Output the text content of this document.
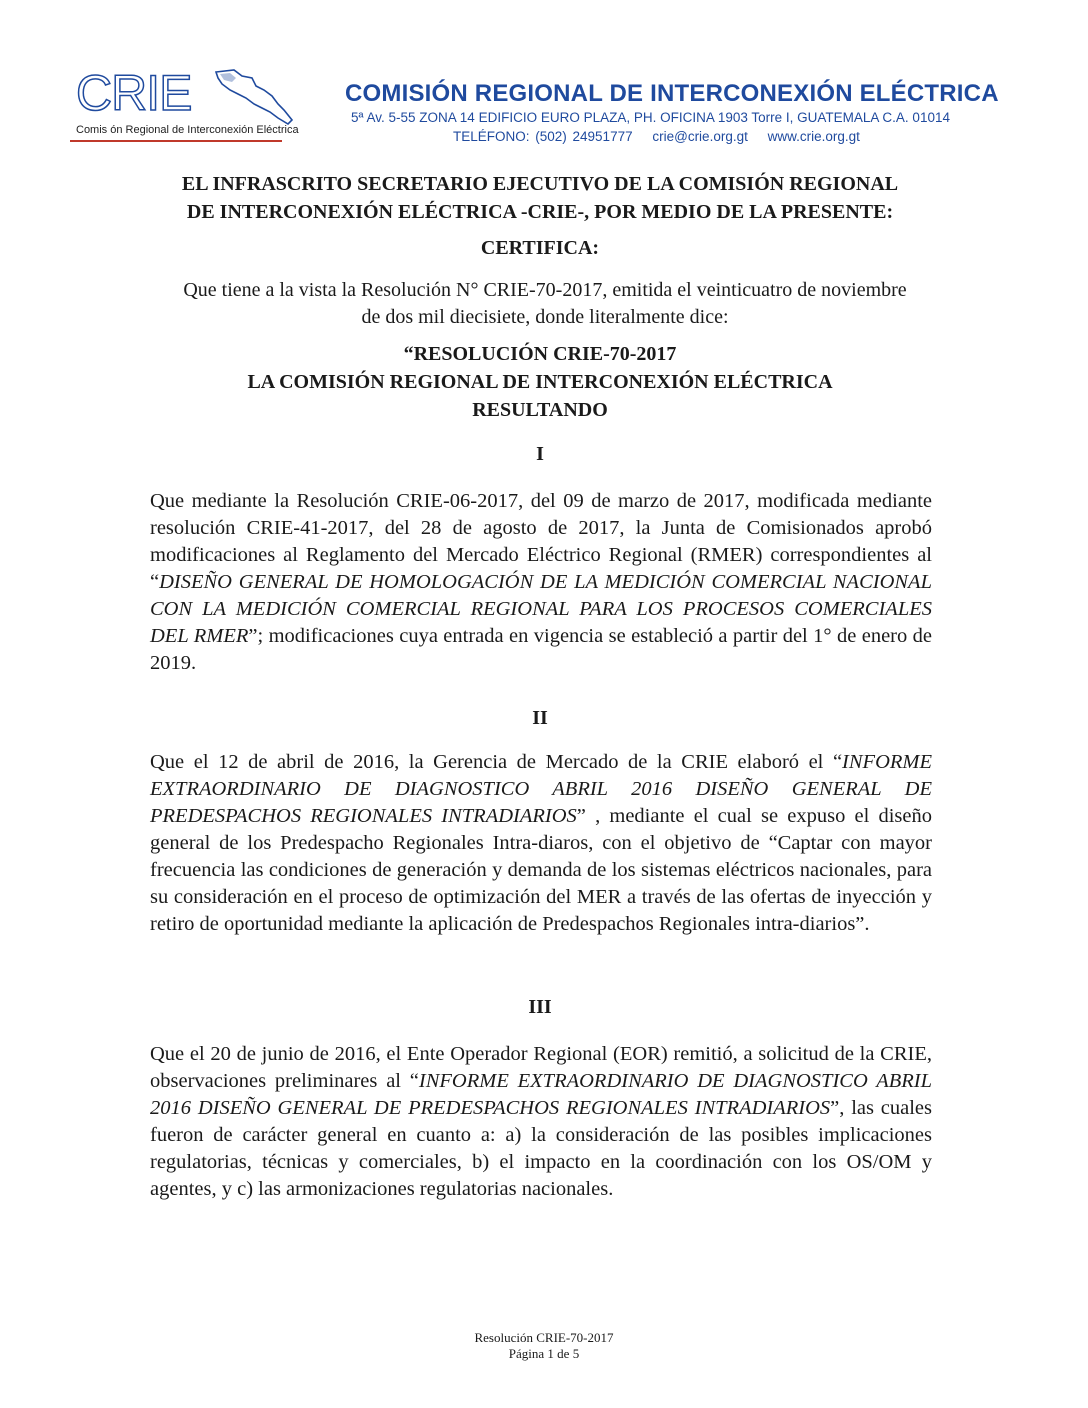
CRIE
Comis ón Regional de Interconexión Eléctrica
COMISIÓN REGIONAL DE INTERCONEXIÓN ELÉCTRICA
5ª Av. 5-55 ZONA 14 EDIFICIO EURO PLAZA, PH. OFICINA 1903 Torre I, GUATEMALA C.A. 01014
TELÉFONO: (502) 24951777 crie@crie.org.gt www.crie.org.gt
EL INFRASCRITO SECRETARIO EJECUTIVO DE LA COMISIÓN REGIONAL
DE INTERCONEXIÓN ELÉCTRICA -CRIE-, POR MEDIO DE LA PRESENTE:
CERTIFICA:
Que tiene a la vista la Resolución N° CRIE-70-2017, emitida el veinticuatro de noviembre
de dos mil diecisiete, donde literalmente dice:
“RESOLUCIÓN CRIE-70-2017
LA COMISIÓN REGIONAL DE INTERCONEXIÓN ELÉCTRICA
RESULTANDO
I
Que mediante la Resolución CRIE-06-2017, del 09 de marzo de 2017, modificada mediante resolución CRIE-41-2017, del 28 de agosto de 2017, la Junta de Comisionados aprobó modificaciones al Reglamento del Mercado Eléctrico Regional (RMER) correspondientes al “DISEÑO GENERAL DE HOMOLOGACIÓN DE LA MEDICIÓN COMERCIAL NACIONAL CON LA MEDICIÓN COMERCIAL REGIONAL PARA LOS PROCESOS COMERCIALES DEL RMER”; modificaciones cuya entrada en vigencia se estableció a partir del 1° de enero de 2019.
II
Que el 12 de abril de 2016, la Gerencia de Mercado de la CRIE elaboró el “INFORME EXTRAORDINARIO DE DIAGNOSTICO ABRIL 2016 DISEÑO GENERAL DE PREDESPACHOS REGIONALES INTRADIARIOS” , mediante el cual se expuso el diseño general de los Predespacho Regionales Intra-diaros, con el objetivo de “Captar con mayor frecuencia las condiciones de generación y demanda de los sistemas eléctricos nacionales, para su consideración en el proceso de optimización del MER a través de las ofertas de inyección y retiro de oportunidad mediante la aplicación de Predespachos Regionales intra-diarios”.
III
Que el 20 de junio de 2016, el Ente Operador Regional (EOR) remitió, a solicitud de la CRIE, observaciones preliminares al “INFORME EXTRAORDINARIO DE DIAGNOSTICO ABRIL 2016 DISEÑO GENERAL DE PREDESPACHOS REGIONALES INTRADIARIOS”, las cuales fueron de carácter general en cuanto a: a) la consideración de las posibles implicaciones regulatorias, técnicas y comerciales, b) el impacto en la coordinación con los OS/OM y agentes, y c) las armonizaciones regulatorias nacionales.
Resolución CRIE-70-2017
Página 1 de 5
